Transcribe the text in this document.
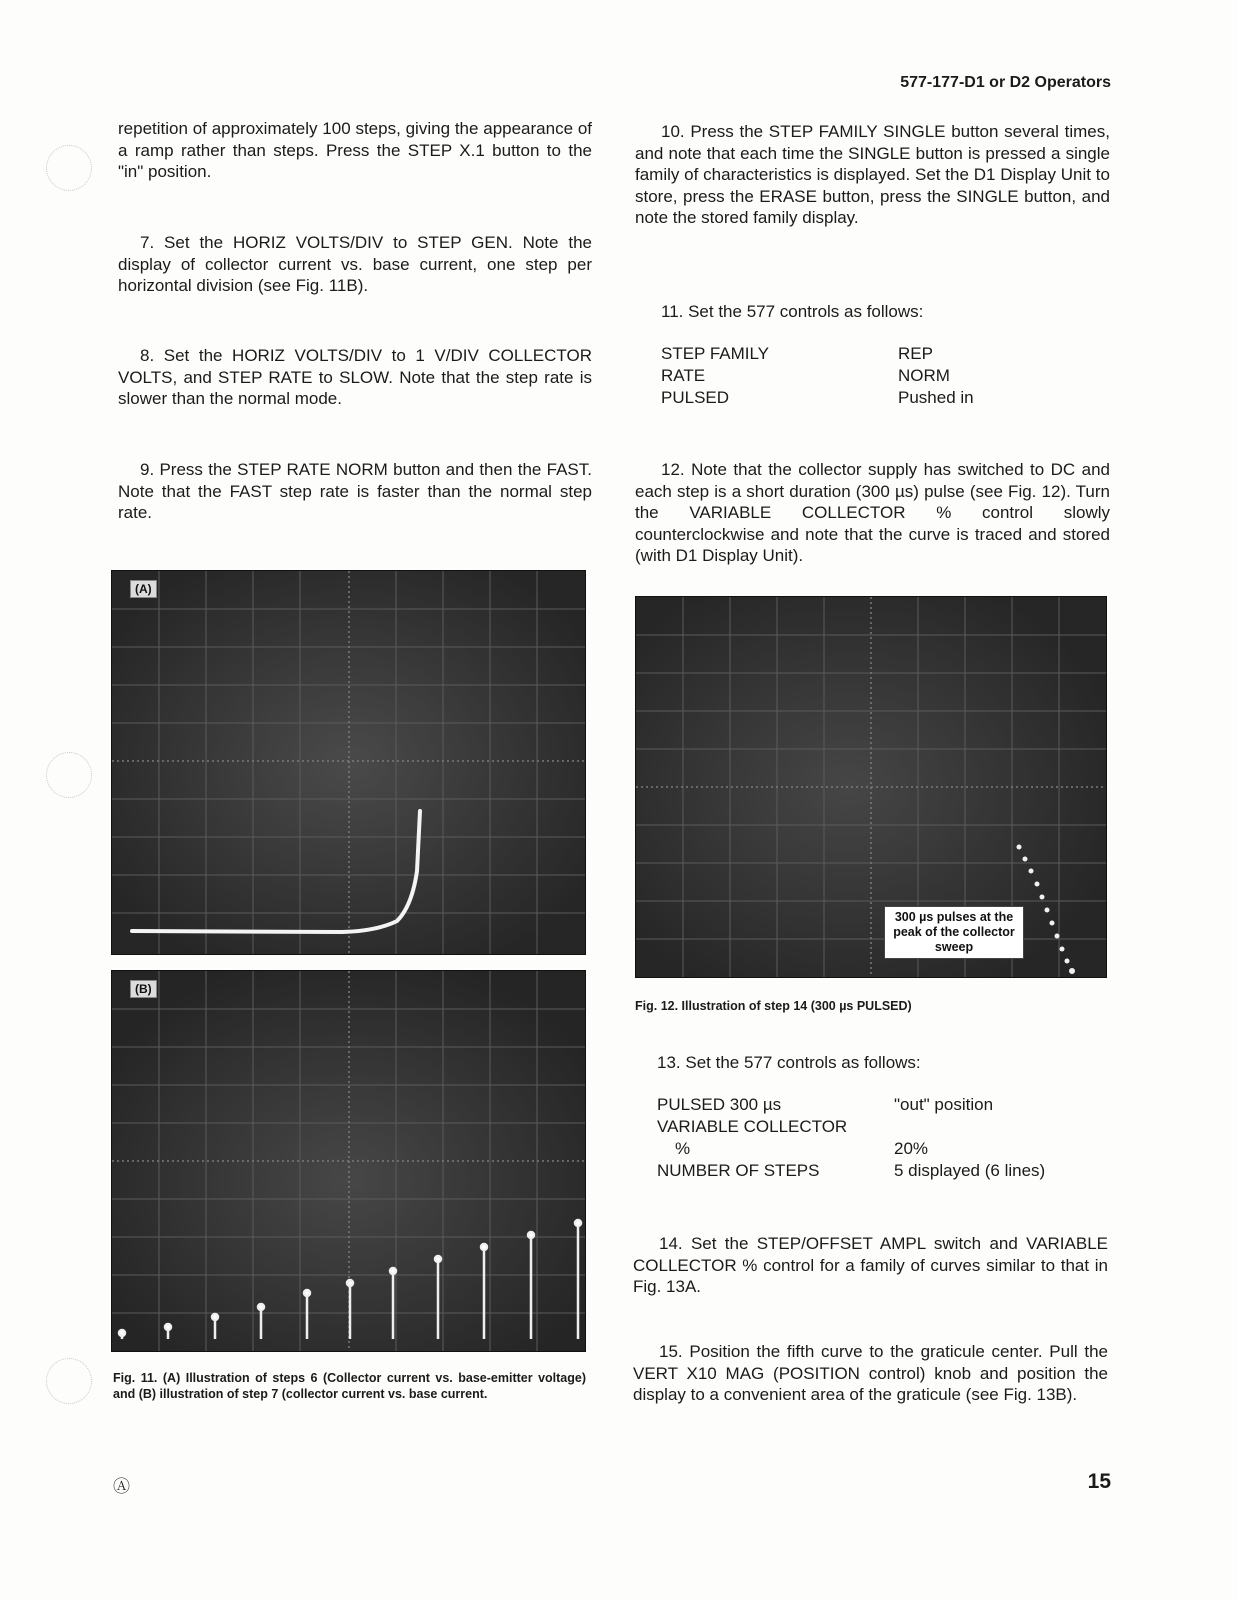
577-177-D1 or D2 Operators

repetition of approximately 100 steps, giving the appearance of a ramp rather than steps. Press the STEP X.1 button to the "in" position.

7. Set the HORIZ VOLTS/DIV to STEP GEN. Note the display of collector current vs. base current, one step per horizontal division (see Fig. 11B).

8. Set the HORIZ VOLTS/DIV to 1 V/DIV COLLECTOR VOLTS, and STEP RATE to SLOW. Note that the step rate is slower than the normal mode.

9. Press the STEP RATE NORM button and then the FAST. Note that the FAST step rate is faster than the normal step rate.

(A)
(B)

Fig. 11. (A) Illustration of steps 6 (Collector current vs. base-emitter voltage) and (B) illustration of step 7 (collector current vs. base current.

10. Press the STEP FAMILY SINGLE button several times, and note that each time the SINGLE button is pressed a single family of characteristics is displayed. Set the D1 Display Unit to store, press the ERASE button, press the SINGLE button, and note the stored family display.

11. Set the 577 controls as follows:

STEP FAMILY	REP
RATE	NORM
PULSED	Pushed in

12. Note that the collector supply has switched to DC and each step is a short duration (300 µs) pulse (see Fig. 12). Turn the VARIABLE COLLECTOR % control slowly counterclockwise and note that the curve is traced and stored (with D1 Display Unit).

300 µs pulses at the peak of the collector sweep

Fig. 12. Illustration of step 14 (300 µs PULSED)

13. Set the 577 controls as follows:

PULSED 300 µs	"out" position
VARIABLE COLLECTOR	
%	20%
NUMBER OF STEPS	5 displayed (6 lines)

14. Set the STEP/OFFSET AMPL switch and VARIABLE COLLECTOR % control for a family of curves similar to that in Fig. 13A.

15. Position the fifth curve to the graticule center. Pull the VERT X10 MAG (POSITION control) knob and position the display to a convenient area of the graticule (see Fig. 13B).

Ⓐ	15
